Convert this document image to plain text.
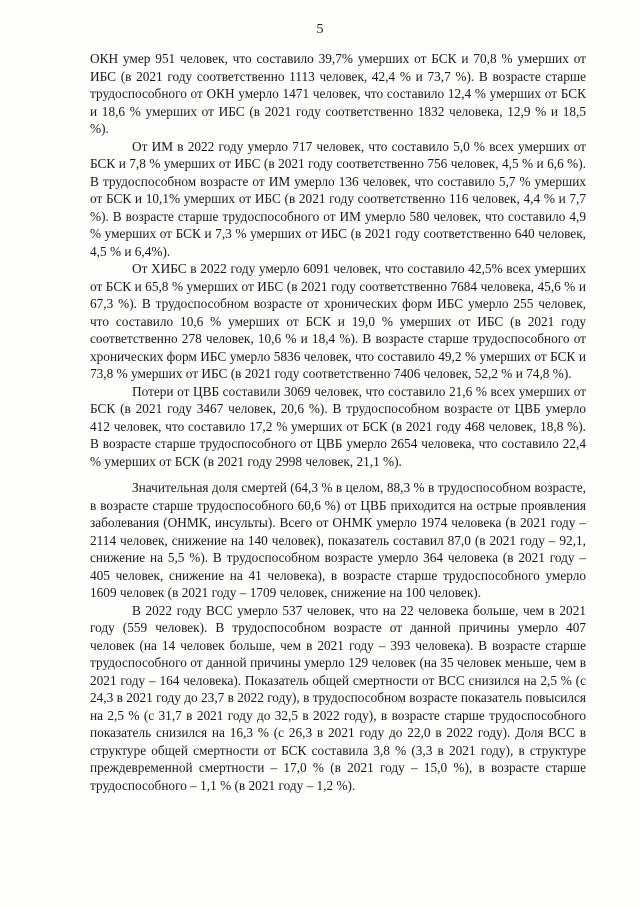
5

ОКН умер 951 человек, что составило 39,7% умерших от БСК и 70,8 % умерших от ИБС (в 2021 году соответственно 1113 человек, 42,4 % и 73,7 %). В возрасте старше трудоспособного от ОКН умерло 1471 человек, что составило 12,4 % умерших от БСК и 18,6 % умерших от ИБС (в 2021 году соответственно 1832 человека, 12,9 % и 18,5 %).

От ИМ в 2022 году умерло 717 человек, что составило 5,0 % всех умерших от БСК и 7,8 % умерших от ИБС (в 2021 году соответственно 756 человек, 4,5 % и 6,6 %). В трудоспособном возрасте от ИМ умерло 136 человек, что составило 5,7 % умерших от БСК и 10,1% умерших от ИБС (в 2021 году соответственно 116 человек, 4,4 % и 7,7 %). В возрасте старше трудоспособного от ИМ умерло 580 человек, что составило 4,9 % умерших от БСК и 7,3 % умерших от ИБС (в 2021 году соответственно 640 человек, 4,5 % и 6,4%).

От ХИБС в 2022 году умерло 6091 человек, что составило 42,5% всех умерших от БСК и 65,8 % умерших от ИБС (в 2021 году соответственно 7684 человека, 45,6 % и 67,3 %). В трудоспособном возрасте от хронических форм ИБС умерло 255 человек, что составило 10,6 % умерших от БСК и 19,0 % умерших от ИБС (в 2021 году соответственно 278 человек, 10,6 % и 18,4 %). В возрасте старше трудоспособного от хронических форм ИБС умерло 5836 человек, что составило 49,2 % умерших от БСК и 73,8 % умерших от ИБС (в 2021 году соответственно 7406 человек, 52,2 % и 74,8 %).

Потери от ЦВБ составили 3069 человек, что составило 21,6 % всех умерших от БСК (в 2021 году 3467 человек, 20,6 %). В трудоспособном возрасте от ЦВБ умерло 412 человек, что составило 17,2 % умерших от БСК (в 2021 году 468 человек, 18,8 %). В возрасте старше трудоспособного от ЦВБ умерло 2654 человека, что составило 22,4 % умерших от БСК (в 2021 году 2998 человек, 21,1 %).

Значительная доля смертей (64,3 % в целом, 88,3 % в трудоспособном возрасте, в возрасте старше трудоспособного 60,6 %) от ЦВБ приходится на острые проявления заболевания (ОНМК, инсульты). Всего от ОНМК умерло 1974 человека (в 2021 году – 2114 человек, снижение на 140 человек), показатель составил 87,0 (в 2021 году – 92,1, снижение на 5,5 %). В трудоспособном возрасте умерло 364 человека (в 2021 году – 405 человек, снижение на 41 человека), в возрасте старше трудоспособного умерло 1609 человек (в 2021 году – 1709 человек, снижение на 100 человек).

В 2022 году ВСС умерло 537 человек, что на 22 человека больше, чем в 2021 году (559 человек). В трудоспособном возрасте от данной причины умерло 407 человек (на 14 человек больше, чем в 2021 году – 393 человека). В возрасте старше трудоспособного от данной причины умерло 129 человек (на 35 человек меньше, чем в 2021 году – 164 человека). Показатель общей смертности от ВСС снизился на 2,5 % (с 24,3 в 2021 году до 23,7 в 2022 году), в трудоспособном возрасте показатель повысился на 2,5 % (с 31,7 в 2021 году до 32,5 в 2022 году), в возрасте старше трудоспособного показатель снизился на 16,3 % (с 26,3 в 2021 году до 22,0 в 2022 году). Доля ВСС в структуре общей смертности от БСК составила 3,8 % (3,3 в 2021 году), в структуре преждевременной смертности – 17,0 % (в 2021 году – 15,0 %), в возрасте старше трудоспособного – 1,1 % (в 2021 году – 1,2 %).
